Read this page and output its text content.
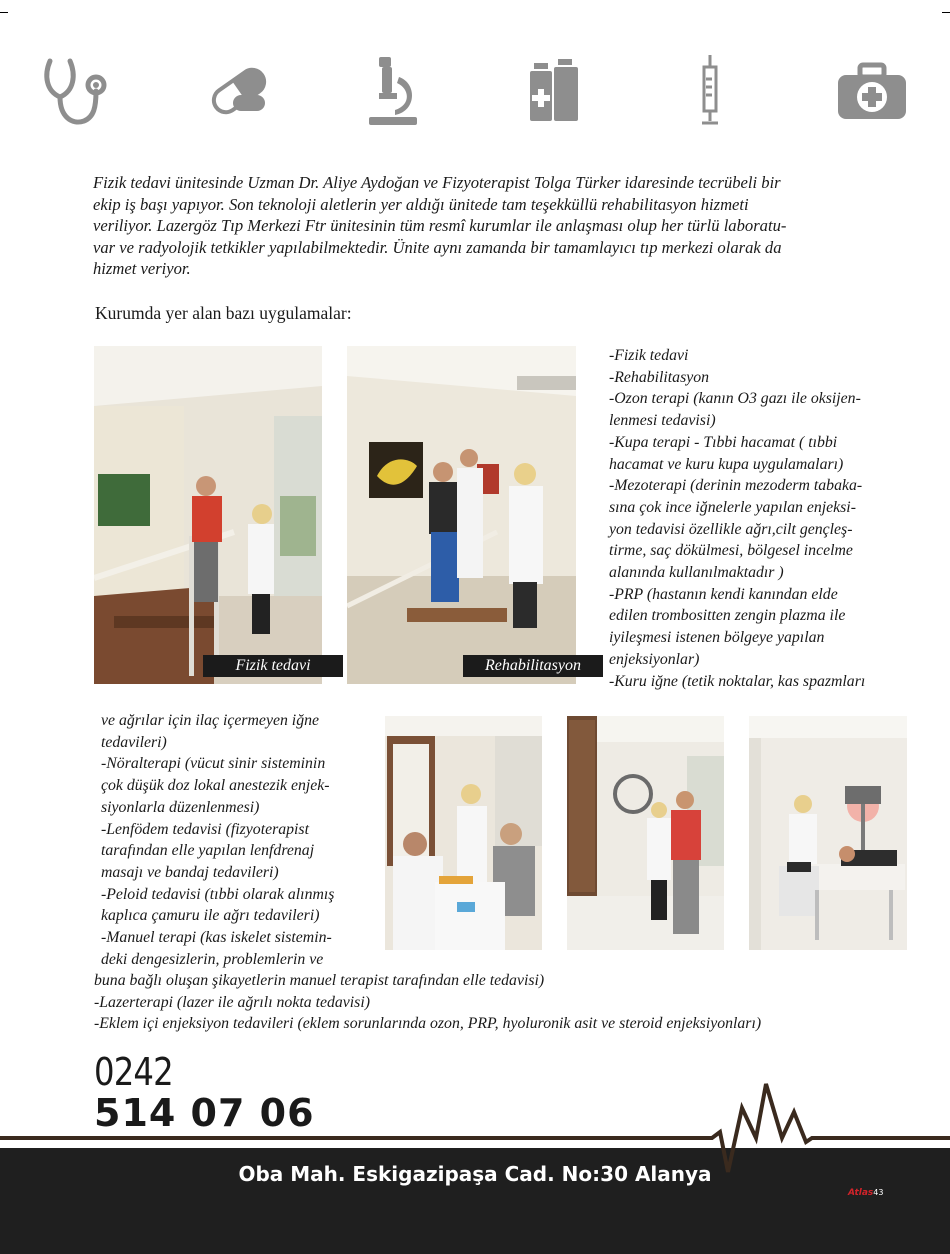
Fizik tedavi ünitesinde Uzman Dr. Aliye Aydoğan ve Fizyoterapist Tolga Türker idaresinde tecrübeli bir

ekip iş başı yapıyor. Son teknoloji aletlerin yer aldığı ünitede tam teşekküllü rehabilitasyon hizmeti

veriliyor. Lazergöz Tıp Merkezi Ftr ünitesinin tüm resmî kurumlar ile anlaşması olup her türlü laboratu-

var ve radyolojik tetkikler yapılabilmektedir. Ünite aynı zamanda bir tamamlayıcı tıp merkezi olarak da

hizmet veriyor.

Kurumda yer alan bazı uygulamalar:
Fizik tedavi	Rehabilitasyon
-Fizik tedavi
-Rehabilitasyon
-Ozon terapi (kanın O3 gazı ile oksijen-
lenmesi tedavisi)
-Kupa terapi - Tıbbi hacamat ( tıbbi
hacamat ve kuru kupa uygulamaları)
-Mezoterapi (derinin mezoderm tabaka-
sına çok ince iğnelerle yapılan enjeksi-
yon tedavisi özellikle ağrı,cilt gençleş-
tirme, saç dökülmesi, bölgesel incelme
alanında kullanılmaktadır )
-PRP (hastanın kendi kanından elde
edilen trombositten zengin plazma ile
iyileşmesi istenen bölgeye yapılan
enjeksiyonlar)
-Kuru iğne (tetik noktalar, kas spazmları
ve ağrılar için ilaç içermeyen iğne
tedavileri)
-Nöralterapi (vücut sinir sisteminin
çok düşük doz lokal anestezik enjek-
siyonlarla düzenlenmesi)
-Lenfödem tedavisi (fizyoterapist
tarafından elle yapılan lenfdrenaj
masajı ve bandaj tedavileri)
-Peloid tedavisi (tıbbi olarak alınmış
kaplıca çamuru ile ağrı tedavileri)
-Manuel terapi (kas iskelet sistemin-
deki dengesizlerin, problemlerin ve
buna bağlı oluşan şikayetlerin manuel terapist tarafından elle tedavisi)
-Lazerterapi (lazer ile ağrılı nokta tedavisi)
-Eklem içi enjeksiyon tedavileri (eklem sorunlarında ozon, PRP, hyoluronik asit ve steroid enjeksiyonları)
0242
514 07 06
Oba Mah. Eskigazipaşa Cad. No:30 Alanya
Atlas43
